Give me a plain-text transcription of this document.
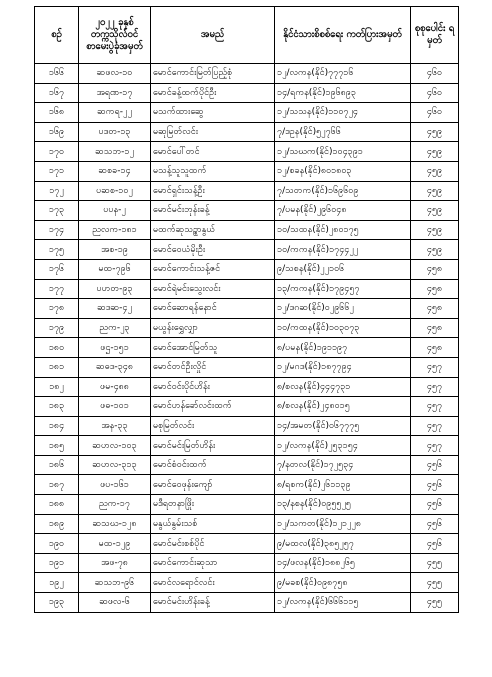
စဉ်	၂၀၂၂ ခုနှစ် တက္ကသိုလ်ဝင် စာမေးပွဲခုံအမှတ်	အမည်	နိုင်ငံသားစိစစ်ရေး ကတ်ပြားအမှတ်	စုစုပေါင်း ရမှတ်
၁၆၆	ဆဖလ-၁၀	မောင်ကောင်းမြတ်ပြည့်စုံ	၁၂/လကန(နိုင်)၇၇၇၁၆	၄၆၀
၁၆၇	အရဏ-၁၇	မောင်ခန့်ထက်ပိုင်ဦး	၁၄/ရကန(နိုင်)၁၉၆၈၉၃	၄၆၀
၁၆၈	ဆကရ-၂၂	မသက်ထားဆွေ	၁၂/သသန(နိုင်)၁၁၀၇၂၄	၄၆၀
၁၆၉	ပဒတ-၁၃	မဆုမြတ်လင်း	၇/ဒဥန(နိုင်)၅၂၇၆၆	၄၅၉
၁၇၀	ဆသဘ-၁၂	မောင်ပေါ်တင်	၁၂/သဃက(နိုင်)၁၀၄၃၉၁	၄၅၉
၁၇၁	ဆစခ-၁၄	မသန့်သူသူထက်	၁၂/စခန(နိုင်)၈၀၁၈၀၃	၄၅၉
၁၇၂	ပဆစ-၁၀၂	မောင်ရှင်းသန့်ဦး	၇/သတက(နိုင်)၁၆၉၆၀၉	၄၅၉
၁၇၃	ပပန-၂	မောင်မင်းဘုန်းခန့်	၇/ပမန(နိုင်)၂၉၆၀၄၈	၄၅၉
၁၇၄	ညလက-၁၈၁	မထက်ဆုသဉ္စာနွယ်	၁၀/သထန(နိုင်)၂၈၀၁၇၅	၄၅၉
၁၇၅	အစ-၁၉	မောင်ဝေယံမိုးဦး	၁၀/ကကန(နိုင်)၁၇၄၄၂၂	၄၅၉
၁၇၆	မထ-၇၉၆	မောင်ကောင်းသန့်ဇင်	၉/သစန(နိုင်)၂၂၁၀၆	၄၅၈
၁၇၇	ပဟတ-၉၃	မောင်ရဲမင်းသွေးလင်း	၁၃/ကကန(နိုင်)၁၇၉၄၅၇	၄၅၈
၁၇၈	ဆဒဆ-၄၂	မောင်ဆောရန်နောင်	၁၂/ဒဂဆ(နိုင်)၀၂၉၆၆၂	၄၅၈
၁၇၉	ညက-၂၃	မယွန်းရွှေလျှာ	၁၀/ကထန(နိုင်)၁၀၃၀၇၃	၄၅၈
၁၈၀	ဖဌ-၁၅၁	မောင်အောင်မြတ်သူ	၈/ပမန(နိုင်)၁၉၁၁၉၇	၄၅၈
၁၈၁	ဆဓဒ-၃၄၈	မောင်တင်ဦးလှိုင်	၁၂/မဂဒ(နိုင်)၁၈၇၇၉၄	၄၅၇
၁၈၂	ဖမ-၄၈၈	မောင်ဝင်းပိုင်ဟိန်း	၈/စလန(နိုင်)၄၄၄၇၃၁	၄၅၇
၁၈၃	ဖဓ-၁၀၁	မောင်ဟန်ခော်လင်းထက်	၈/စလန(နိုင်)၂၄၈၀၁၅	၄၅၇
၁၈၄	အန-၃၃	မစုမြတ်လင်း	၁၄/အမတ(နိုင်)၀၆၇၇၇၅	၄၅၇
၁၈၅	ဆဟလ-၁၀၃	မောင်မင်းမြတ်ဟိန်း	၁၂/လကန(နိုင်)၂၅၃၁၅၄	၄၅၇
၁၈၆	ဆဟလ-၃၁၃	မောင်စံဝင်းထက်	၇/နတလ(နိုင်)၁၇၂၅၃၄	၄၅၆
၁၈၇	ဖပ-၁၆၁	မောင်ဝေဖုန်းကျော်	၈/ရစက(နိုင်)၂၆၁၁၃၉	၄၅၆
၁၈၈	ညက-၁၇	မဒီရတနာဖြိုး	၁၃/နစန(နိုင်)၀၉၅၅၂၅	၄၅၆
၁၈၉	ဆသဃ-၁၂၈	မနွယ်နွမ်းသစ်	၁၂/သကတ(နိုင်)၁၂၁၂၂၈	၄၅၆
၁၉၀	မထ-၁၂၉	မောင်မင်းစစ်ပိုင်	၉/မထလ(နိုင်)၃၈၅၂၅၇	၄၅၆
၁၉၁	အဖ-၇၈	မောင်ကောင်းဆုသာ	၁၄/ဖလန(နိုင်)၁၈၈၂၆၅	၄၅၅
၁၉၂	ဆသဘ-၉၆	မောင်လရောင်လင်း	၉/မခစ(နိုင်)၀၉၈၇၅၈	၄၅၅
၁၉၃	ဆဖလ-၆	မောင်မင်းဟိန်းခန့်	၁၂/လကန(နိုင်)၆၆၆၁၁၅	၄၅၅
